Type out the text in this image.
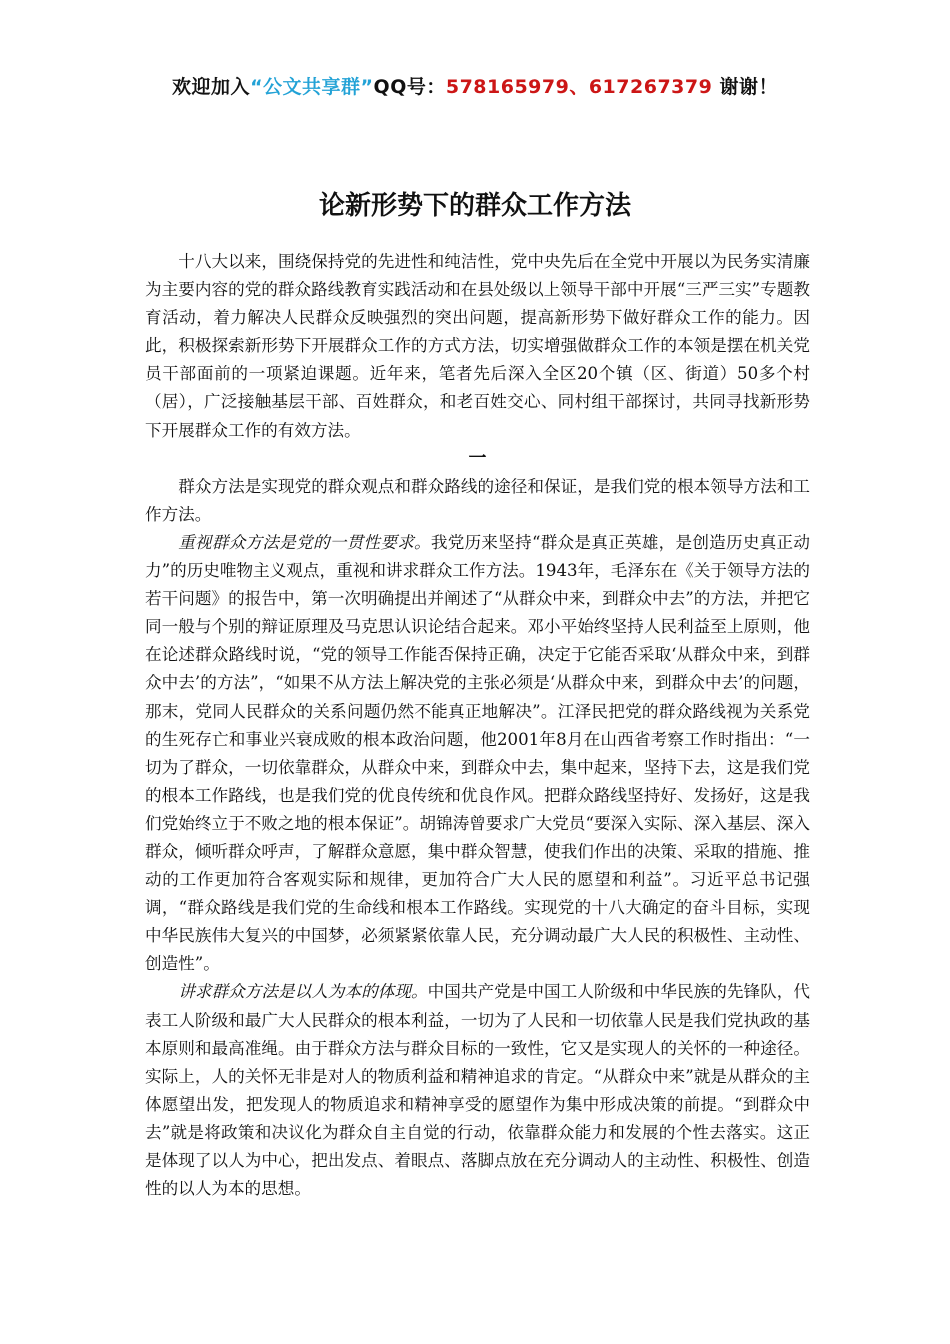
欢迎加入“公文共享群”QQ号：578165979、617267379 谢谢！
论新形势下的群众工作方法

十八大以来，围绕保持党的先进性和纯洁性，党中央先后在全党中开展以为民务实清廉为主要内容的党的群众路线教育实践活动和在县处级以上领导干部中开展“三严三实”专题教育活动，着力解决人民群众反映强烈的突出问题，提高新形势下做好群众工作的能力。因此，积极探索新形势下开展群众工作的方式方法，切实增强做群众工作的本领是摆在机关党员干部面前的一项紧迫课题。近年来，笔者先后深入全区20个镇（区、街道）50多个村（居），广泛接触基层干部、百姓群众，和老百姓交心、同村组干部探讨，共同寻找新形势下开展群众工作的有效方法。

一

群众方法是实现党的群众观点和群众路线的途径和保证，是我们党的根本领导方法和工作方法。

重视群众方法是党的一贯性要求。我党历来坚持“群众是真正英雄，是创造历史真正动力”的历史唯物主义观点，重视和讲求群众工作方法。1943年，毛泽东在《关于领导方法的若干问题》的报告中，第一次明确提出并阐述了“从群众中来，到群众中去”的方法，并把它同一般与个别的辩证原理及马克思认识论结合起来。邓小平始终坚持人民利益至上原则，他在论述群众路线时说，“党的领导工作能否保持正确，决定于它能否采取‘从群众中来，到群众中去’的方法”，“如果不从方法上解决党的主张必须是‘从群众中来，到群众中去’的问题，那末，党同人民群众的关系问题仍然不能真正地解决”。江泽民把党的群众路线视为关系党的生死存亡和事业兴衰成败的根本政治问题，他2001年8月在山西省考察工作时指出：“一切为了群众，一切依靠群众，从群众中来，到群众中去，集中起来，坚持下去，这是我们党的根本工作路线，也是我们党的优良传统和优良作风。把群众路线坚持好、发扬好，这是我们党始终立于不败之地的根本保证”。胡锦涛曾要求广大党员“要深入实际、深入基层、深入群众，倾听群众呼声，了解群众意愿，集中群众智慧，使我们作出的决策、采取的措施、推动的工作更加符合客观实际和规律，更加符合广大人民的愿望和利益”。习近平总书记强调，“群众路线是我们党的生命线和根本工作路线。实现党的十八大确定的奋斗目标，实现中华民族伟大复兴的中国梦，必须紧紧依靠人民，充分调动最广大人民的积极性、主动性、创造性”。

讲求群众方法是以人为本的体现。中国共产党是中国工人阶级和中华民族的先锋队，代表工人阶级和最广大人民群众的根本利益，一切为了人民和一切依靠人民是我们党执政的基本原则和最高准绳。由于群众方法与群众目标的一致性，它又是实现人的关怀的一种途径。实际上，人的关怀无非是对人的物质利益和精神追求的肯定。“从群众中来”就是从群众的主体愿望出发，把发现人的物质追求和精神享受的愿望作为集中形成决策的前提。“到群众中去”就是将政策和决议化为群众自主自觉的行动，依靠群众能力和发展的个性去落实。这正是体现了以人为中心，把出发点、着眼点、落脚点放在充分调动人的主动性、积极性、创造性的以人为本的思想。
